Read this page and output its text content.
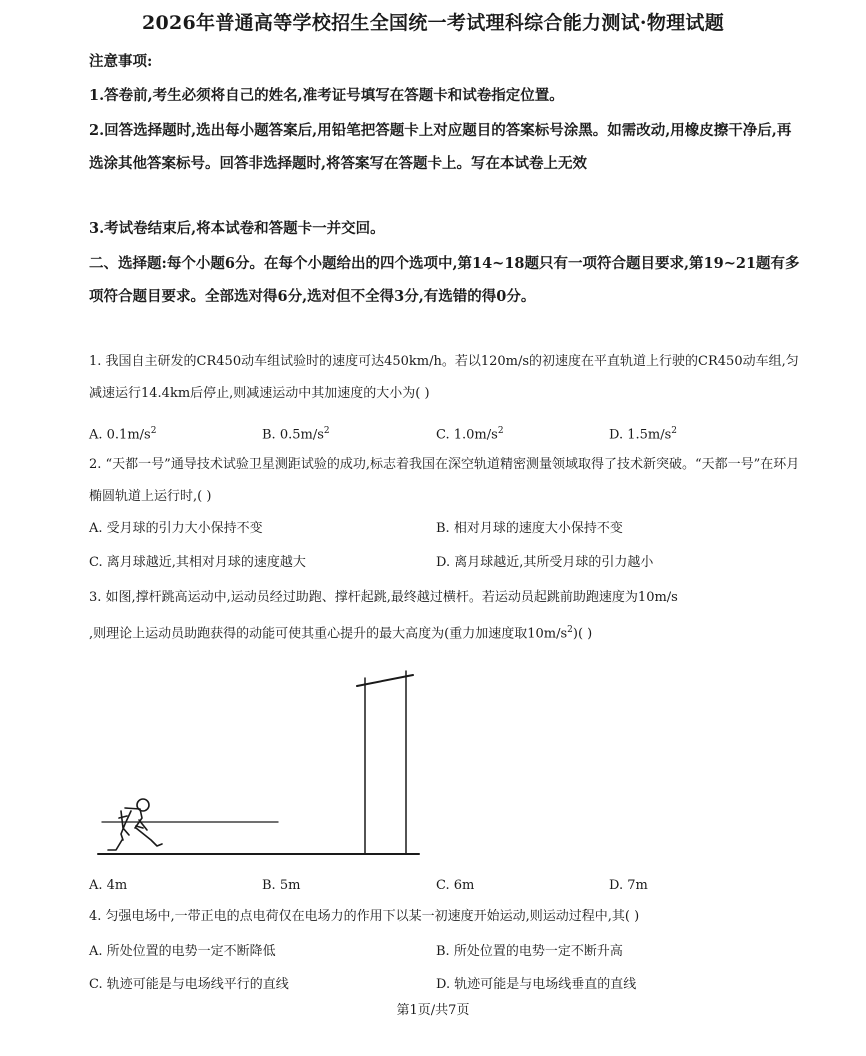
2026年普通高等学校招生全国统一考试理科综合能力测试·物理试题
注意事项:
1.答卷前,考生必须将自己的姓名,准考证号填写在答题卡和试卷指定位置。
2.回答选择题时,选出每小题答案后,用铅笔把答题卡上对应题目的答案标号涂黑。如需改动,用橡皮擦干净后,再选涂其他答案标号。回答非选择题时,将答案写在答题卡上。写在本试卷上无效
3.考试卷结束后,将本试卷和答题卡一并交回。
二、选择题:每个小题6分。在每个小题给出的四个选项中,第14~18题只有一项符合题目要求,第19~21题有多项符合题目要求。全部选对得6分,选对但不全得3分,有选错的得0分。
1. 我国自主研发的CR450动车组试验时的速度可达450km/h。若以120m/s的初速度在平直轨道上行驶的CR450动车组,匀减速运行14.4km后停止,则减速运动中其加速度的大小为( )
A. $0.1m/s^2$	B. $0.5m/s^2$	C. $1.0m/s^2$	D. $1.5m/s^2$
2. “天都一号”通导技术试验卫星测距试验的成功,标志着我国在深空轨道精密测量领域取得了技术新突破。“天都一号”在环月椭圆轨道上运行时,( )
A. 受月球的引力大小保持不变	B. 相对月球的速度大小保持不变
C. 离月球越近,其相对月球的速度越大	D. 离月球越近,其所受月球的引力越小
3. 如图,撑杆跳高运动中,运动员经过助跑、撑杆起跳,最终越过横杆。若运动员起跳前助跑速度为10m/s
,则理论上运动员助跑获得的动能可使其重心提升的最大高度为(重力加速度取$10m/s^2$)( )
A. 4m	B. 5m	C. 6m	D. 7m
4. 匀强电场中,一带正电的点电荷仅在电场力的作用下以某一初速度开始运动,则运动过程中,其( )
A. 所处位置的电势一定不断降低	B. 所处位置的电势一定不断升高
C. 轨迹可能是与电场线平行的直线	D. 轨迹可能是与电场线垂直的直线
第1页/共7页
